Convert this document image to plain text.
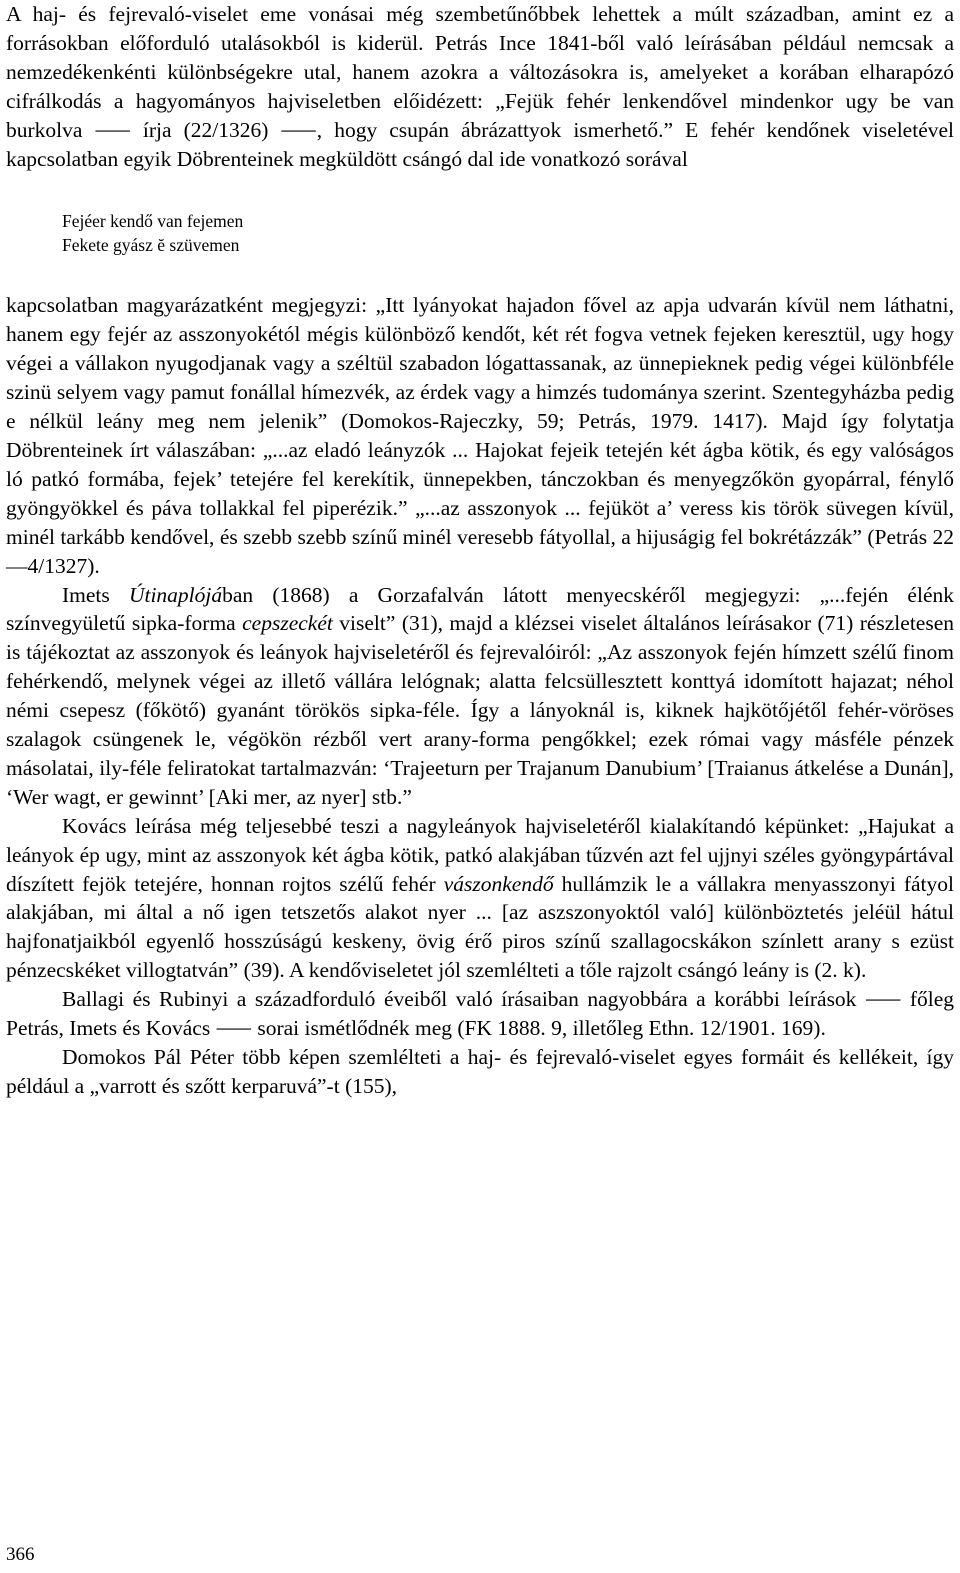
A haj- és fejrevaló-viselet eme vonásai még szembetűnőbbek lehettek a múlt században, amint ez a forrásokban előforduló utalásokból is kiderül. Petrás Ince 1841-ből való leírásában például nemcsak a nemzedékenkénti különbségekre utal, hanem azokra a változásokra is, amelyeket a korában elharapózó cifrálkodás a hagyományos hajviseletben előidézett: „Fejük fehér lenkendővel mindenkor ugy be van burkolva ⸺ írja (22/1326) ⸺, hogy csupán ábrázattyok ismerhető.” E fehér kendőnek viseletével kapcsolatban egyik Döbrenteinek megküldött csángó dal ide vonatkozó sorával

Fejéer kendő van fejemen
Fekete gyász ĕ szüvemen

kapcsolatban magyarázatként megjegyzi: „Itt lyányokat hajadon fővel az apja udvarán kívül nem láthatni, hanem egy fejér az asszonyokétól mégis különböző kendőt, két rét fogva vetnek fejeken keresztül, ugy hogy végei a vállakon nyugodjanak vagy a széltül szabadon lógattassanak, az ünnepieknek pedig végei különbféle szinü selyem vagy pamut fonállal hímezvék, az érdek vagy a himzés tudománya szerint. Szentegyházba pedig e nélkül leány meg nem jelenik” (Domokos-Rajeczky, 59; Petrás, 1979. 1417). Majd így folytatja Döbrenteinek írt válaszában: „...az eladó leányzók ... Hajokat fejeik tetején két ágba kötik, és egy valóságos ló patkó formába, fejek’ tetejére fel kerekítik, ünnepekben, tánczokban és menyegzőkön gyopárral, fénylő gyöngyökkel és páva tollakkal fel piperézik.” „...az asszonyok ... fejüköt a’ veress kis török süvegen kívül, minél tarkább kendővel, és szebb szebb színű minél veresebb fátyollal, a hijuságig fel bokrétázzák” (Petrás 22—4/1327).

Imets Útinaplójában (1868) a Gorzafalván látott menyecskéről megjegyzi: „...fején élénk színvegyületű sipka-forma cepszeckét viselt” (31), majd a klézsei viselet általános leírásakor (71) részletesen is tájékoztat az asszonyok és leányok hajviseletéről és fejrevalóiról: „Az asszonyok fején hímzett szélű finom fehérkendő, melynek végei az illető vállára lelógnak; alatta felcsüllesztett konttyá idomított hajazat; néhol némi csepesz (főkötő) gyanánt törökös sipka-féle. Így a lányoknál is, kiknek hajkötőjétől fehér-vöröses szalagok csüngenek le, végökön rézből vert arany-forma pengőkkel; ezek római vagy másféle pénzek másolatai, ily-féle feliratokat tartalmazván: ‘Trajeeturn per Trajanum Danubium’ [Traianus átkelése a Dunán], ‘Wer wagt, er gewinnt’ [Aki mer, az nyer] stb.”

Kovács leírása még teljesebbé teszi a nagyleányok hajviseletéről kialakítandó képünket: „Hajukat a leányok ép ugy, mint az asszonyok két ágba kötik, patkó alakjában tűzvén azt fel ujjnyi széles gyöngypártával díszített fejök tetejére, honnan rojtos szélű fehér vászonkendő hullámzik le a vállakra menyasszonyi fátyol alakjában, mi által a nő igen tetszetős alakot nyer ... [az aszszonyoktól való] különböztetés jeléül hátul hajfonatjaikból egyenlő hosszúságú keskeny, övig érő piros színű szallagocskákon színlett arany s ezüst pénzecskéket villogtatván” (39). A kendőviseletet jól szemlélteti a tőle rajzolt csángó leány is (2. k).

Ballagi és Rubinyi a századforduló éveiből való írásaiban nagyobbára a korábbi leírások ⸺ főleg Petrás, Imets és Kovács ⸺ sorai ismétlődnék meg (FK 1888. 9, illetőleg Ethn. 12/1901. 169).

Domokos Pál Péter több képen szemlélteti a haj- és fejrevaló-viselet egyes formáit és kellékeit, így például a „varrott és szőtt kerparuvá”-t (155),

366
